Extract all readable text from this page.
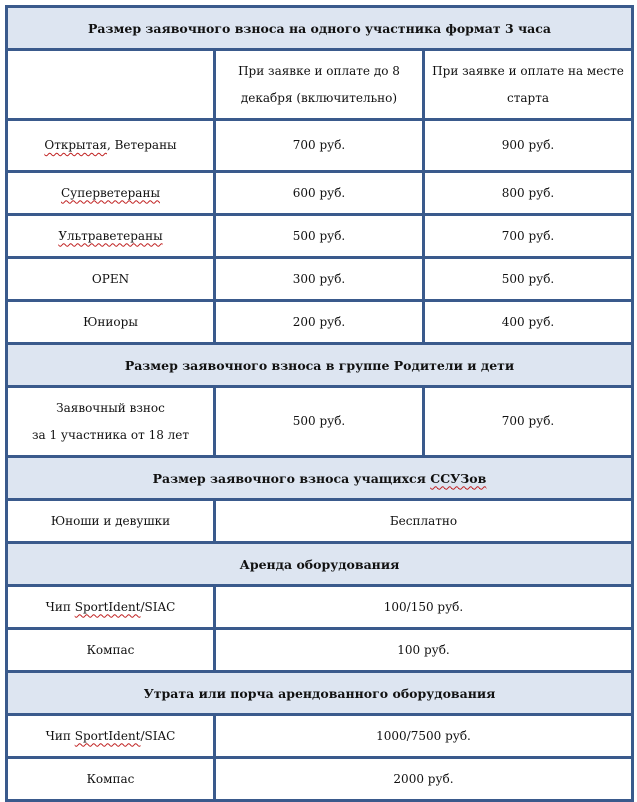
Размер заявочного взноса на одного участника формат 3 часа		
	При заявке и оплате до 8 декабря (включительно)	При заявке и оплате на месте старта
Открытая, Ветераны	700 руб.	900 руб.
Суперветераны	600 руб.	800 руб.
Ультраветераны	500 руб.	700 руб.
OPEN	300 руб.	500 руб.
Юниоры	200 руб.	400 руб.
Размер заявочного взноса в группе Родители и дети		

Заявочный взнос
за 1 участника от 18 лет	500 руб.	700 руб.
Размер заявочного взноса учащихся ССУЗов		
Юноши и девушки	Бесплатно	
Аренда оборудования		
Чип SportIdent/SIAC	100/150 руб.	
Компас	100 руб.	
Утрата или порча арендованного оборудования		
Чип SportIdent/SIAC	1000/7500 руб.	
Компас	2000 руб.	
